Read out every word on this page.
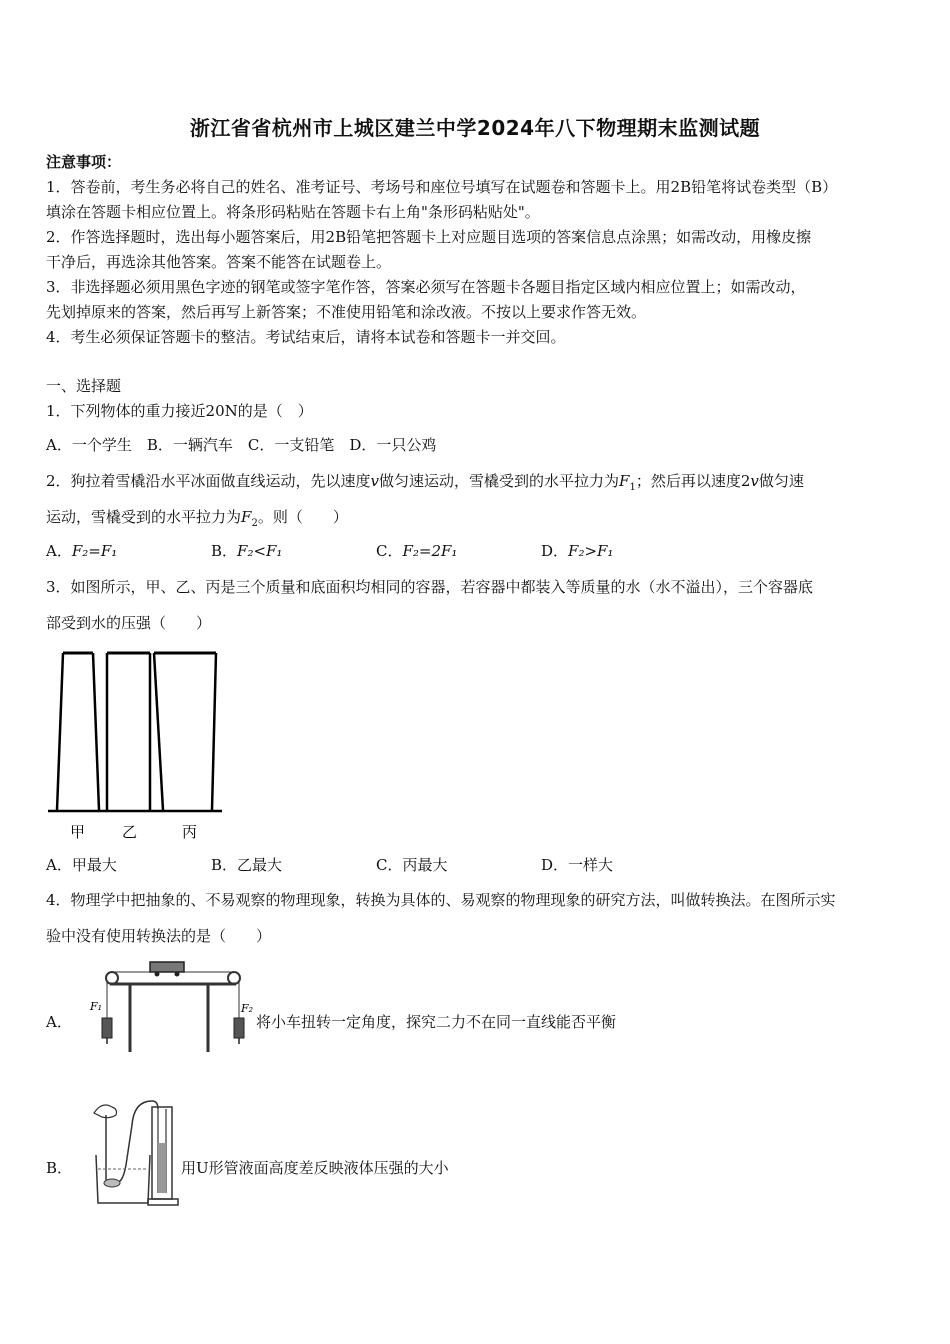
浙江省省杭州市上城区建兰中学2024年八下物理期末监测试题
注意事项：
1．答卷前，考生务必将自己的姓名、准考证号、考场号和座位号填写在试题卷和答题卡上。用2B铅笔将试卷类型（B）
填涂在答题卡相应位置上。将条形码粘贴在答题卡右上角"条形码粘贴处"。
2．作答选择题时，选出每小题答案后，用2B铅笔把答题卡上对应题目选项的答案信息点涂黑；如需改动，用橡皮擦
干净后，再选涂其他答案。答案不能答在试题卷上。
3．非选择题必须用黑色字迹的钢笔或签字笔作答，答案必须写在答题卡各题目指定区域内相应位置上；如需改动，
先划掉原来的答案，然后再写上新答案；不准使用铅笔和涂改液。不按以上要求作答无效。
4．考生必须保证答题卡的整洁。考试结束后，请将本试卷和答题卡一并交回。
一、选择题
1．下列物体的重力接近20N的是（　）
A．一个学生　B．一辆汽车　C．一支铅笔　D．一只公鸡
2．狗拉着雪橇沿水平冰面做直线运动，先以速度v做匀速运动，雪橇受到的水平拉力为$F_1$；然后再以速度2v做匀速
运动，雪橇受到的水平拉力为$F_2$。则（　　）
A．F₂=F₁	B．F₂<F₁	C．F₂=2F₁	D．F₂>F₁
3．如图所示，甲、乙、丙是三个质量和底面积均相同的容器，若容器中都装入等质量的水（水不溢出），三个容器底
部受到水的压强（　　）
甲 乙	丙
A．甲最大	B．乙最大	C．丙最大	D．一样大
4．物理学中把抽象的、不易观察的物理现象，转换为具体的、易观察的物理现象的研究方法，叫做转换法。在图所示实
验中没有使用转换法的是（　　）
A．
F₁	F₂
将小车扭转一定角度，探究二力不在同一直线能否平衡
B．	用U形管液面高度差反映液体压强的大小
